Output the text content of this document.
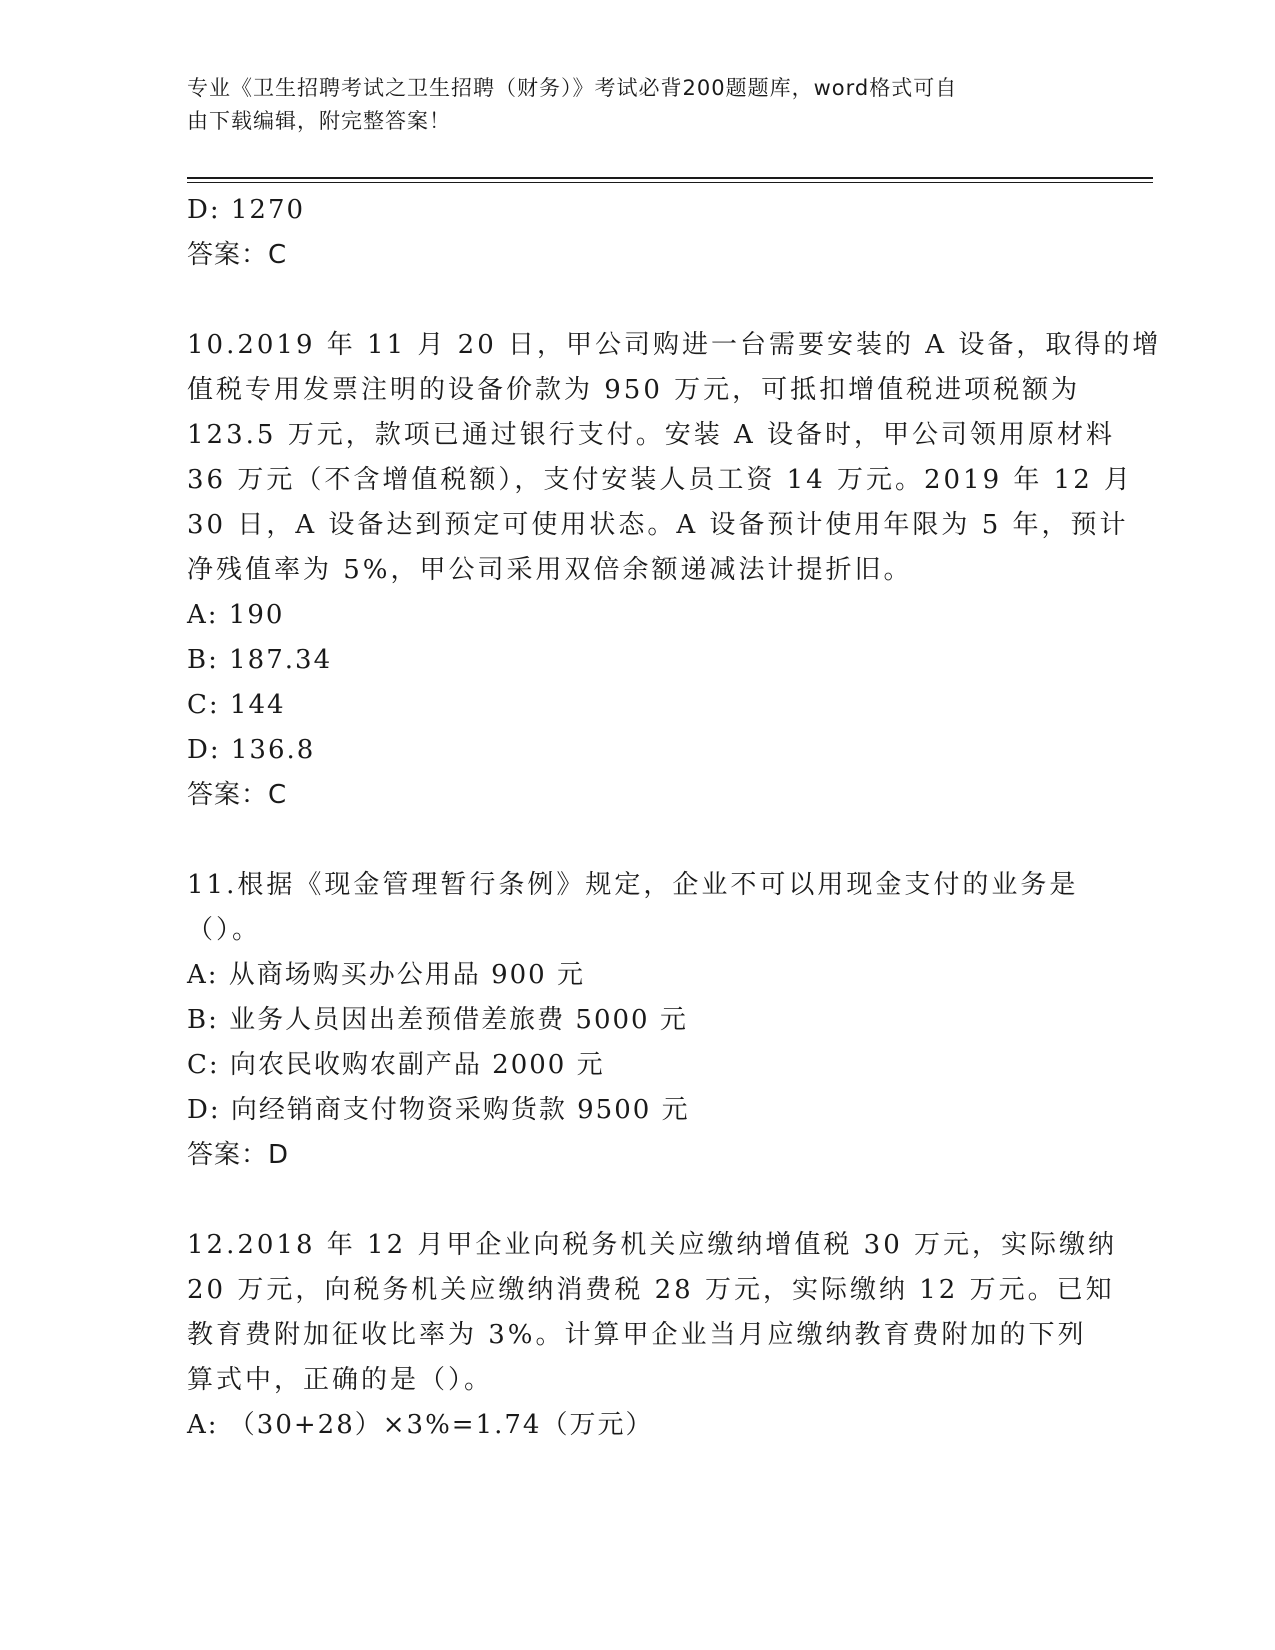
专业《卫生招聘考试之卫生招聘（财务）》考试必背200题题库，word格式可自
由下载编辑，附完整答案！
D: 1270
答案：C
10.2019 年 11 月 20 日，甲公司购进一台需要安装的 A 设备，取得的增
值税专用发票注明的设备价款为 950 万元，可抵扣增值税进项税额为
123.5 万元，款项已通过银行支付。安装 A 设备时，甲公司领用原材料
36 万元（不含增值税额），支付安装人员工资 14 万元。2019 年 12 月
30 日，A 设备达到预定可使用状态。A 设备预计使用年限为 5 年，预计
净残值率为 5%，甲公司采用双倍余额递减法计提折旧。
A: 190
B: 187.34
C: 144
D: 136.8
答案：C
11.根据《现金管理暂行条例》规定，企业不可以用现金支付的业务是
（）。
A: 从商场购买办公用品 900 元
B: 业务人员因出差预借差旅费 5000 元
C: 向农民收购农副产品 2000 元
D: 向经销商支付物资采购货款 9500 元
答案：D
12.2018 年 12 月甲企业向税务机关应缴纳增值税 30 万元，实际缴纳
20 万元，向税务机关应缴纳消费税 28 万元，实际缴纳 12 万元。已知
教育费附加征收比率为 3%。计算甲企业当月应缴纳教育费附加的下列
算式中，正确的是（）。
A: （30+28）×3%=1.74（万元）
